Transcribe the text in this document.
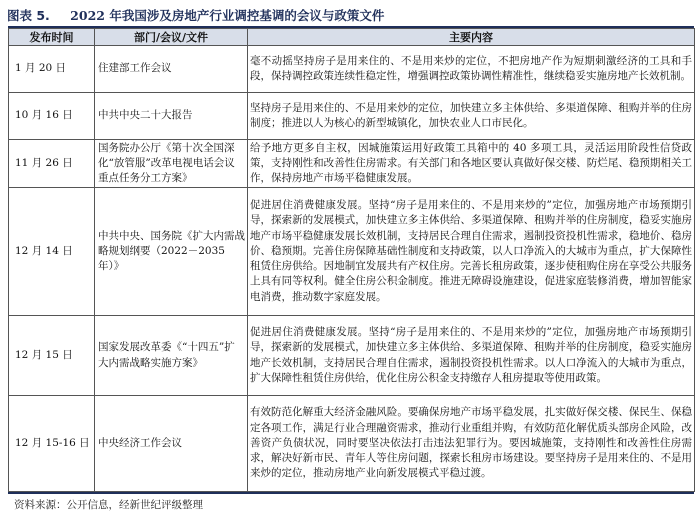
图表 5. 2022 年我国涉及房地产行业调控基调的会议与政策文件
发布时间	部门/会议/文件	主要内容
1 月 20 日	住建部工作会议	毫不动摇坚持房子是用来住的、不是用来炒的定位，不把房地产作为短期刺激经济的工具和手段，保持调控政策连续性稳定性，增强调控政策协调性精准性，继续稳妥实施房地产长效机制。
10 月 16 日	中共中央二十大报告	坚持房子是用来住的、不是用来炒的定位，加快建立多主体供给、多渠道保障、租购并举的住房制度；推进以人为核心的新型城镇化，加快农业人口市民化。
11 月 26 日	国务院办公厅《第十次全国深化“放管服”改革电视电话会议重点任务分工方案》	给予地方更多自主权，因城施策运用好政策工具箱中的 40 多项工具，灵活运用阶段性信贷政策，支持刚性和改善性住房需求。有关部门和各地区要认真做好保交楼、防烂尾、稳预期相关工作，保持房地产市场平稳健康发展。
12 月 14 日	中共中央、国务院《扩大内需战略规划纲要（2022－2035 年）》	促进居住消费健康发展。坚持“房子是用来住的、不是用来炒的”定位，加强房地产市场预期引导，探索新的发展模式，加快建立多主体供给、多渠道保障、租购并举的住房制度，稳妥实施房地产市场平稳健康发展长效机制，支持居民合理自住需求，遏制投资投机性需求，稳地价、稳房价、稳预期。完善住房保障基础性制度和支持政策，以人口净流入的大城市为重点，扩大保障性租赁住房供给。因地制宜发展共有产权住房。完善长租房政策，逐步使租购住房在享受公共服务上具有同等权利。健全住房公积金制度。推进无障碍设施建设，促进家庭装修消费，增加智能家电消费，推动数字家庭发展。
12 月 15 日	国家发展改革委《“十四五”扩大内需战略实施方案》	促进居住消费健康发展。坚持“房子是用来住的、不是用来炒的”定位，加强房地产市场预期引导，探索新的发展模式，加快建立多主体供给、多渠道保障、租购并举的住房制度，稳妥实施房地产长效机制，支持居民合理自住需求，遏制投资投机性需求。以人口净流入的大城市为重点，扩大保障性租赁住房供给，优化住房公积金支持缴存人租房提取等使用政策。
12 月 15-16 日	中央经济工作会议	有效防范化解重大经济金融风险。要确保房地产市场平稳发展，扎实做好保交楼、保民生、保稳定各项工作，满足行业合理融资需求，推动行业重组并购，有效防范化解优质头部房企风险，改善资产负债状况，同时要坚决依法打击违法犯罪行为。要因城施策，支持刚性和改善性住房需求，解决好新市民、青年人等住房问题，探索长租房市场建设。要坚持房子是用来住的、不是用来炒的定位，推动房地产业向新发展模式平稳过渡。
资料来源：公开信息，经新世纪评级整理
